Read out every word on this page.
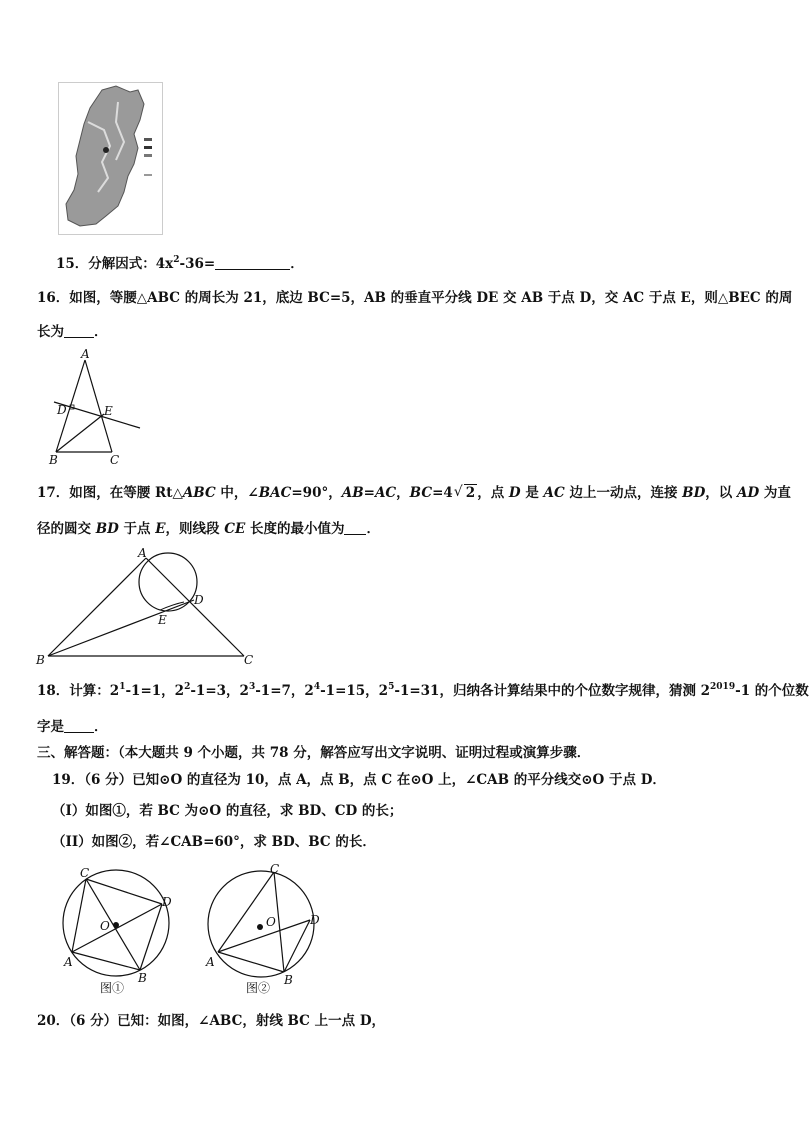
15．分解因式：$4x^2-36=$	．
16．如图，等腰△ABC 的周长为 21，底边 BC=5，AB 的垂直平分线 DE 交 AB 于点 D，交 AC 于点 E，则△BEC 的周
长为 ．
A
B	C
D	E
17．如图，在等腰 Rt△ABC 中，∠BAC=90°，AB=AC，BC=4 √ 2 ，点 D 是 AC 边上一动点，连接 BD，以 AD 为直
径的圆交 BD 于点 E，则线段 CE 长度的最小值为 ．
A
B	C
D
E
18．计算：$2^1-1=1$，$2^2-1=3$，$2^3-1=7$，$2^4-1=15$，$2^5-1=31$，归纳各计算结果中的个位数字规律，猜测 $2^{2019}-1$ 的个位数
字是 ．
三、解答题：（本大题共 9 个小题，共 78 分，解答应写出文字说明、证明过程或演算步骤．
19．（6 分）已知⊙O 的直径为 10，点 A，点 B，点 C 在⊙O 上，∠CAB 的平分线交⊙O 于点 D．
（I）如图①，若 BC 为⊙O 的直径，求 BD、CD 的长；
（II）如图②，若∠CAB=60°，求 BD、BC 的长．
C
D
O
A
B
图①
C
D
O
A
B
图②
20．（6 分）已知：如图，∠ABC，射线 BC 上一点 D，
